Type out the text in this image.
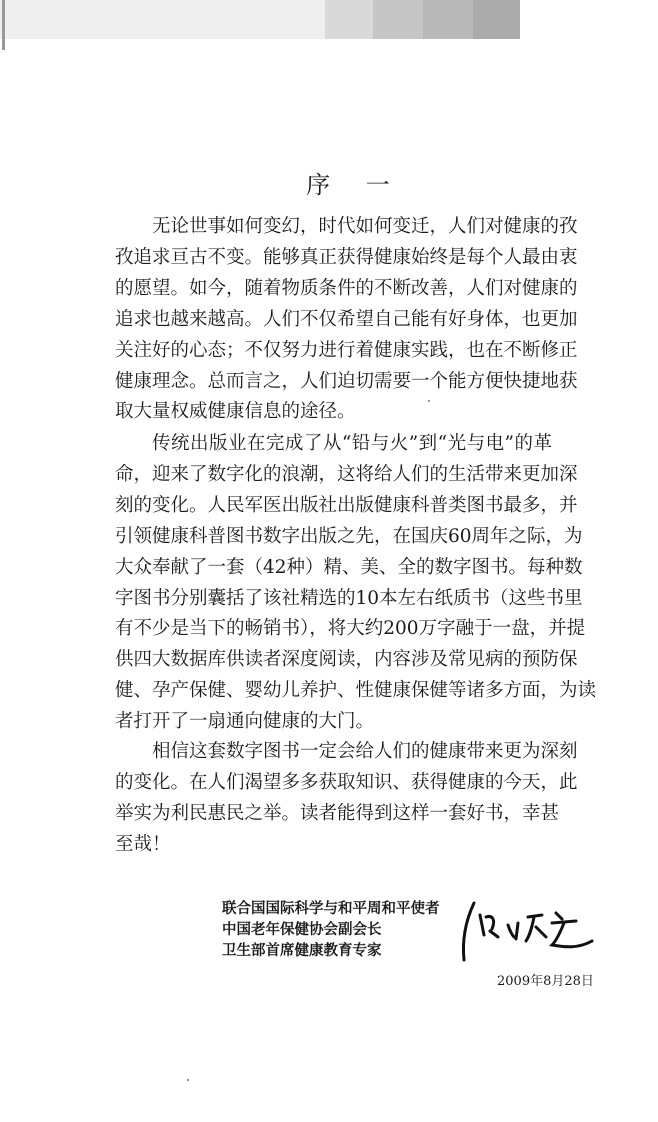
序 一
无论世事如何变幻，时代如何变迁，人们对健康的孜
孜追求亘古不变。能够真正获得健康始终是每个人最由衷
的愿望。如今，随着物质条件的不断改善，人们对健康的
追求也越来越高。人们不仅希望自己能有好身体，也更加
关注好的心态；不仅努力进行着健康实践，也在不断修正
健康理念。总而言之，人们迫切需要一个能方便快捷地获
取大量权威健康信息的途径。
传统出版业在完成了从“铅与火”到“光与电”的革
命，迎来了数字化的浪潮，这将给人们的生活带来更加深
刻的变化。人民军医出版社出版健康科普类图书最多，并
引领健康科普图书数字出版之先，在国庆60周年之际，为
大众奉献了一套（42种）精、美、全的数字图书。每种数
字图书分别囊括了该社精选的10本左右纸质书（这些书里
有不少是当下的畅销书），将大约200万字融于一盘，并提
供四大数据库供读者深度阅读，内容涉及常见病的预防保
健、孕产保健、婴幼儿养护、性健康保健等诸多方面，为读
者打开了一扇通向健康的大门。
相信这套数字图书一定会给人们的健康带来更为深刻
的变化。在人们渴望多多获取知识、获得健康的今天，此
举实为利民惠民之举。读者能得到这样一套好书，幸甚
至哉！
联合国国际科学与和平周和平使者
中国老年保健协会副会长
卫生部首席健康教育专家
2009年8月28日
